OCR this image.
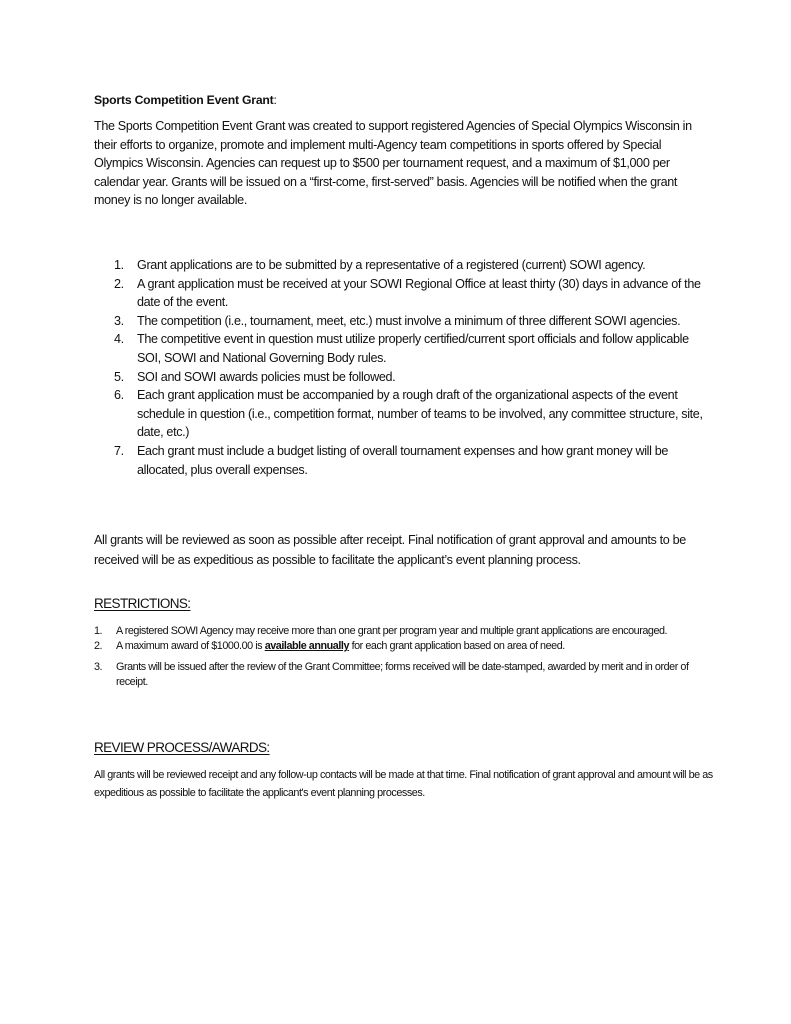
Sports Competition Event Grant:

The Sports Competition Event Grant was created to support registered Agencies of Special Olympics Wisconsin in their efforts to organize, promote and implement multi-Agency team competitions in sports offered by Special Olympics Wisconsin. Agencies can request up to $500 per tournament request, and a maximum of $1,000 per calendar year. Grants will be issued on a “first-come, first-served” basis. Agencies will be notified when the grant money is no longer available.

1. Grant applications are to be submitted by a representative of a registered (current) SOWI agency.
2. A grant application must be received at your SOWI Regional Office at least thirty (30) days in advance of the date of the event.
3. The competition (i.e., tournament, meet, etc.) must involve a minimum of three different SOWI agencies.
4. The competitive event in question must utilize properly certified/current sport officials and follow applicable SOI, SOWI and National Governing Body rules.
5. SOI and SOWI awards policies must be followed.
6. Each grant application must be accompanied by a rough draft of the organizational aspects of the event schedule in question (i.e., competition format, number of teams to be involved, any committee structure, site, date, etc.)
7. Each grant must include a budget listing of overall tournament expenses and how grant money will be allocated, plus overall expenses.

All grants will be reviewed as soon as possible after receipt. Final notification of grant approval and amounts to be received will be as expeditious as possible to facilitate the applicant’s event planning process.

RESTRICTIONS:
1. A registered SOWI Agency may receive more than one grant per program year and multiple grant applications are encouraged.
2. A maximum award of $1000.00 is available annually for each grant application based on area of need.
3. Grants will be issued after the review of the Grant Committee; forms received will be date-stamped, awarded by merit and in order of receipt.
REVIEW PROCESS/AWARDS:

All grants will be reviewed receipt and any follow-up contacts will be made at that time. Final notification of grant approval and amount will be as expeditious as possible to facilitate the applicant's event planning processes.
